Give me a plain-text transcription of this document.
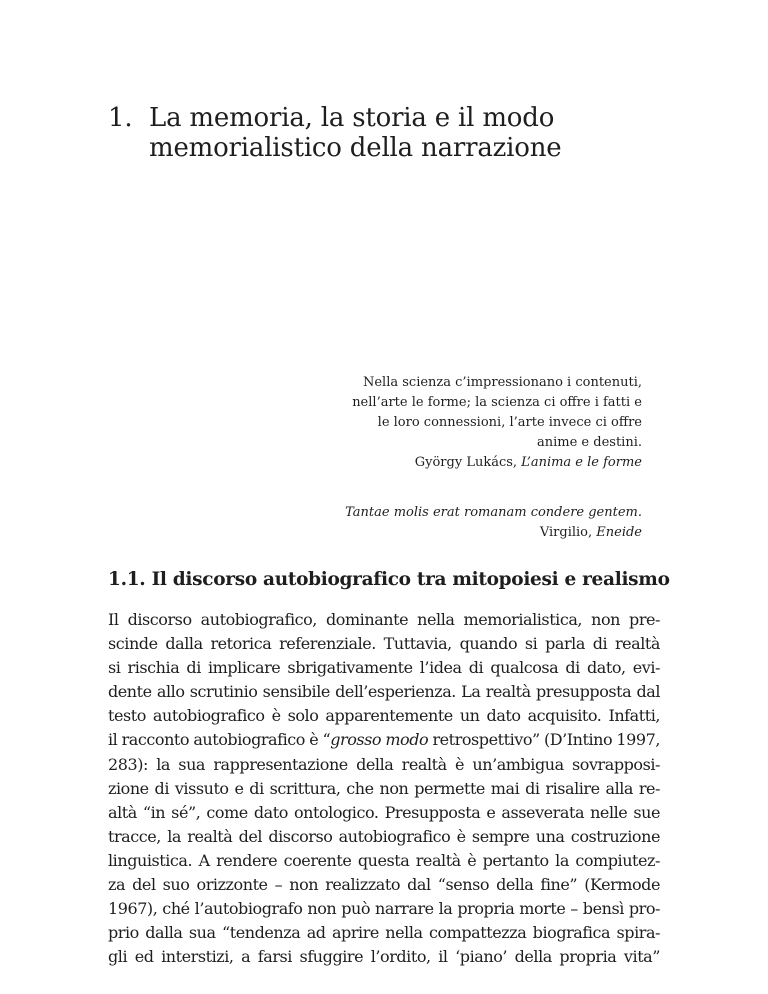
1. La memoria, la storia e il modo
memorialistico della narrazione

Nella scienza c’impressionano i contenuti,

nell’arte le forme; la scienza ci offre i fatti e

le loro connessioni, l’arte invece ci offre

anime e destini.

György Lukács, L’anima e le forme

Tantae molis erat romanam condere gentem.

Virgilio, Eneide

1.1. Il discorso autobiografico tra mitopoiesi e realismo
Il discorso autobiografico, dominante nella memorialistica, non pre-
scinde dalla retorica referenziale. Tuttavia, quando si parla di realtà
si rischia di implicare sbrigativamente l’idea di qualcosa di dato, evi-
dente allo scrutinio sensibile dell’esperienza. La realtà presupposta dal
testo autobiografico è solo apparentemente un dato acquisito. Infatti,
il racconto autobiografico è “grosso modo retrospettivo” (D’Intino 1997,
283): la sua rappresentazione della realtà è un’ambigua sovrapposi-
zione di vissuto e di scrittura, che non permette mai di risalire alla re-
altà “in sé”, come dato ontologico. Presupposta e asseverata nelle sue
tracce, la realtà del discorso autobiografico è sempre una costruzione
linguistica. A rendere coerente questa realtà è pertanto la compiutez-
za del suo orizzonte – non realizzato dal “senso della fine” (Kermode
1967), ché l’autobiografo non può narrare la propria morte – bensì pro-
prio dalla sua “tendenza ad aprire nella compattezza biografica spira-
gli ed interstizi, a farsi sfuggire l’ordito, il ‘piano’ della propria vita”
